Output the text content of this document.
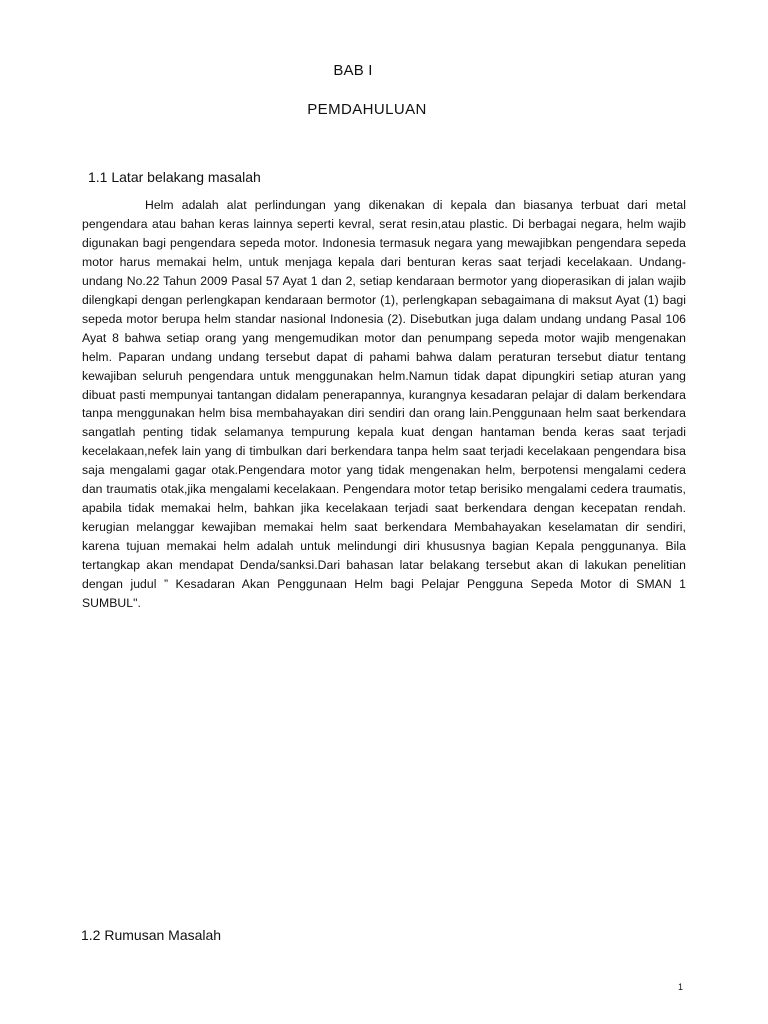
BAB I
PEMDAHULUAN
1.1 Latar belakang masalah

Helm adalah alat perlindungan yang dikenakan di kepala dan biasanya terbuat dari metal pengendara atau bahan keras lainnya seperti kevral, serat resin,atau plastic. Di berbagai negara, helm wajib digunakan bagi pengendara sepeda motor. Indonesia termasuk negara yang mewajibkan pengendara sepeda motor harus memakai helm, untuk menjaga kepala dari benturan keras saat terjadi kecelakaan. Undang-undang No.22 Tahun 2009 Pasal 57 Ayat 1 dan 2, setiap kendaraan bermotor yang dioperasikan di jalan wajib dilengkapi dengan perlengkapan kendaraan bermotor (1), perlengkapan sebagaimana di maksut Ayat (1) bagi sepeda motor berupa helm standar nasional Indonesia (2). Disebutkan juga dalam undang undang Pasal 106 Ayat 8 bahwa setiap orang yang mengemudikan motor dan penumpang sepeda motor wajib mengenakan helm. Paparan undang undang tersebut dapat di pahami bahwa dalam peraturan tersebut diatur tentang kewajiban seluruh pengendara untuk menggunakan helm.Namun tidak dapat dipungkiri setiap aturan yang dibuat pasti mempunyai tantangan didalam penerapannya, kurangnya kesadaran pelajar di dalam berkendara tanpa menggunakan helm bisa membahayakan diri sendiri dan orang lain.Penggunaan helm saat berkendara sangatlah penting tidak selamanya tempurung kepala kuat dengan hantaman benda keras saat terjadi kecelakaan,nefek lain yang di timbulkan dari berkendara tanpa helm saat terjadi kecelakaan pengendara bisa saja mengalami gagar otak.Pengendara motor yang tidak mengenakan helm, berpotensi mengalami cedera dan traumatis otak,jika mengalami kecelakaan. Pengendara motor tetap berisiko mengalami cedera traumatis, apabila tidak memakai helm, bahkan jika kecelakaan terjadi saat berkendara dengan kecepatan rendah. kerugian melanggar kewajiban memakai helm saat berkendara Membahayakan keselamatan dir sendiri, karena tujuan memakai helm adalah untuk melindungi diri khususnya bagian Kepala penggunanya. Bila tertangkap akan mendapat Denda/sanksi.Dari bahasan latar belakang tersebut akan di lakukan penelitian dengan judul ” Kesadaran Akan Penggunaan Helm bagi Pelajar Pengguna Sepeda Motor di SMAN 1 SUMBUL".

1.2 Rumusan Masalah
1
